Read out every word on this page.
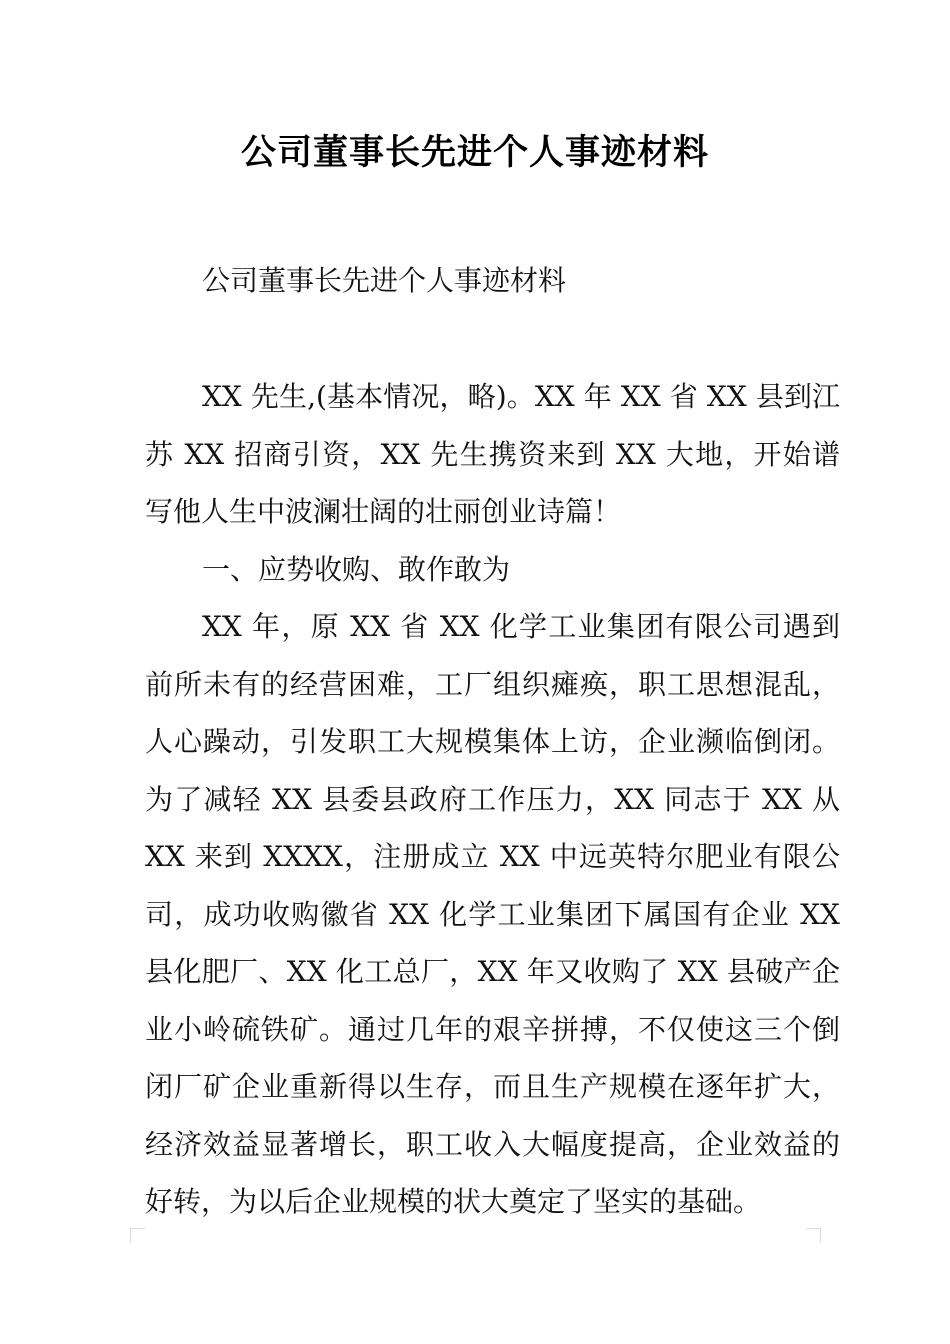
公司董事长先进个人事迹材料
公司董事长先进个人事迹材料

XX 先生,(基本情况，略)。XX 年 XX 省 XX 县到江苏 XX 招商引资，XX 先生携资来到 XX 大地，开始谱写他人生中波澜壮阔的壮丽创业诗篇！

一、应势收购、敢作敢为

XX 年，原 XX 省 XX 化学工业集团有限公司遇到前所未有的经营困难，工厂组织瘫痪，职工思想混乱，人心躁动，引发职工大规模集体上访，企业濒临倒闭。为了减轻 XX 县委县政府工作压力，XX 同志于 XX 从 XX 来到 XXXX，注册成立 XX 中远英特尔肥业有限公司，成功收购徽省 XX 化学工业集团下属国有企业 XX 县化肥厂、XX 化工总厂，XX 年又收购了 XX 县破产企业小岭硫铁矿。通过几年的艰辛拼搏，不仅使这三个倒闭厂矿企业重新得以生存，而且生产规模在逐年扩大，经济效益显著增长，职工收入大幅度提高，企业效益的好转，为以后企业规模的状大奠定了坚实的基础。
